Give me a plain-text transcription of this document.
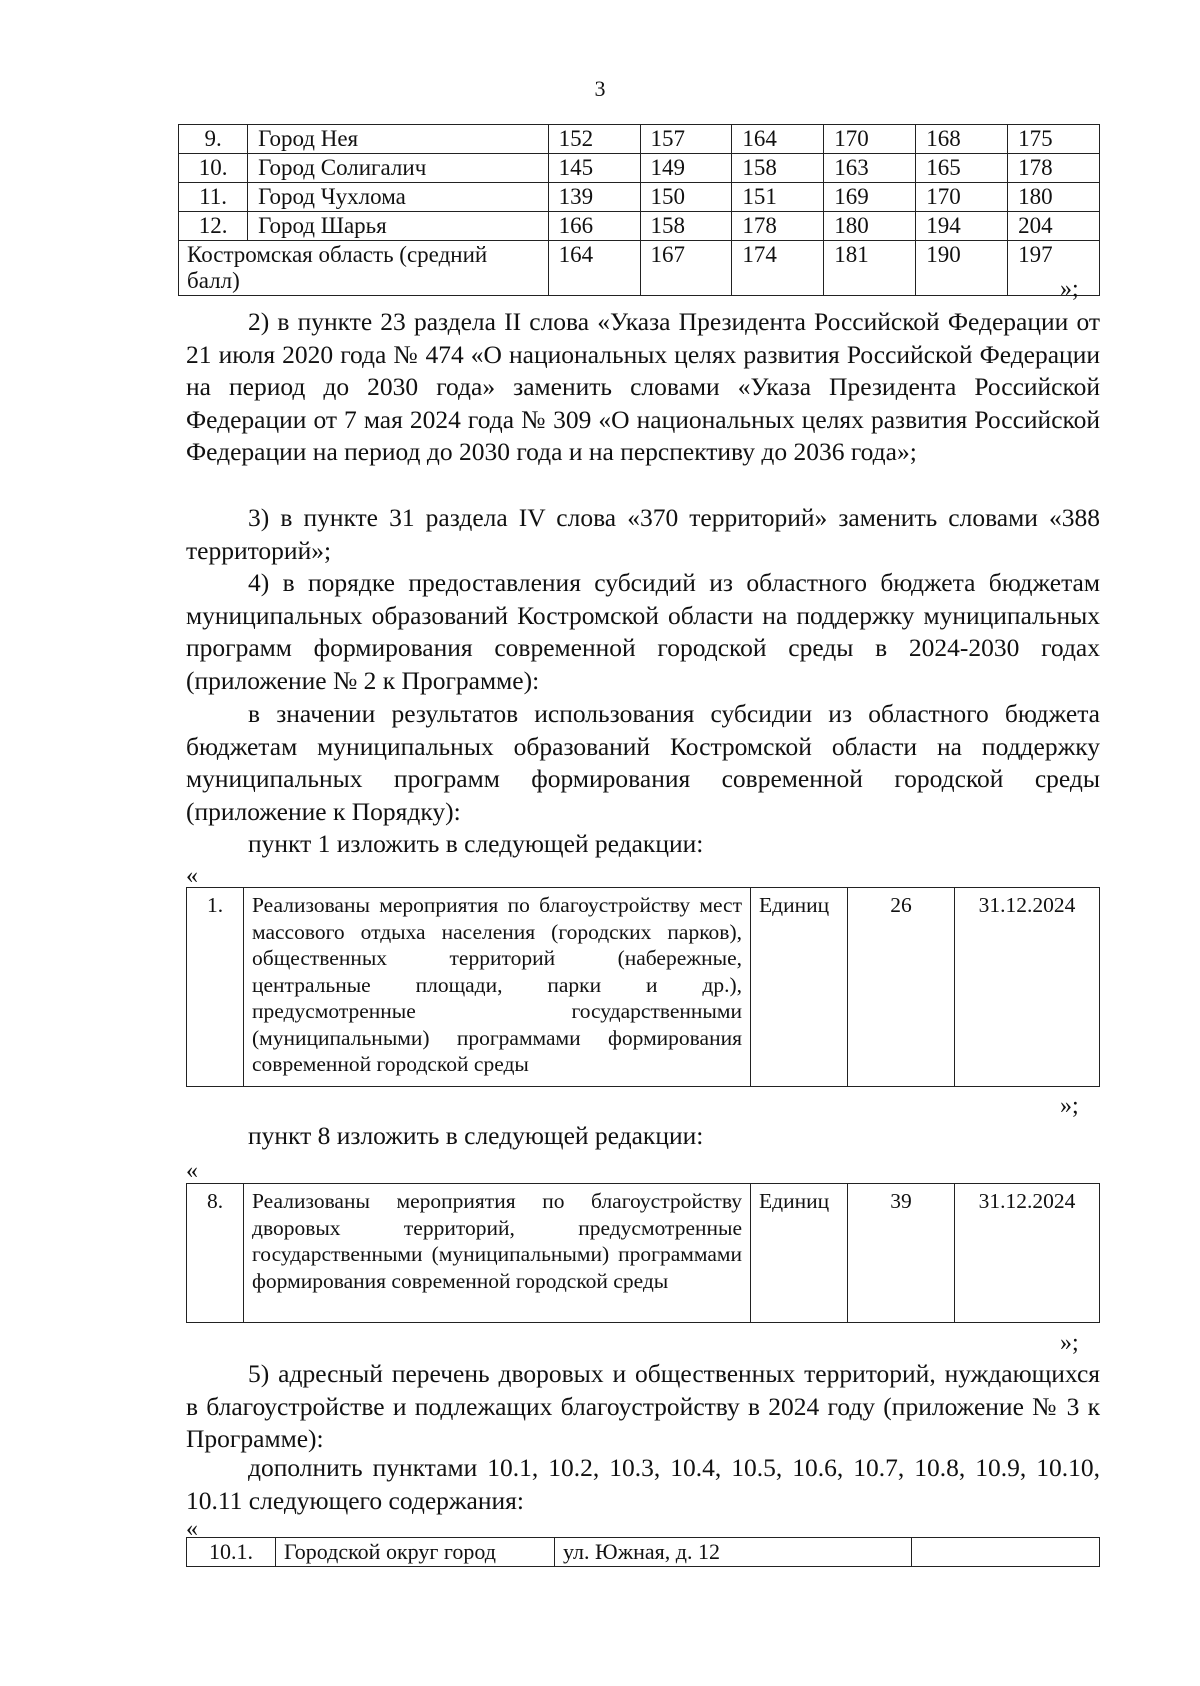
3
9.	Город Нея	152	157	164	170	168	175
10.	Город Солигалич	145	149	158	163	165	178
11.	Город Чухлома	139	150	151	169	170	180
12.	Город Шарья	166	158	178	180	194	204
Костромская область (средний балл)		164	167	174	181	190	197
»;

2) в пункте 23 раздела II слова «Указа Президента Российской Федерации от 21 июля 2020 года № 474 «О национальных целях развития Российской Федерации на период до 2030 года» заменить словами «Указа Президента Российской Федерации от 7 мая 2024 года № 309 «О национальных целях развития Российской Федерации на период до 2030 года и на перспективу до 2036 года»;

3) в пункте 31 раздела IV слова «370 территорий» заменить словами «388 территорий»;

4) в порядке предоставления субсидий из областного бюджета бюджетам муниципальных образований Костромской области на поддержку муниципальных программ формирования современной городской среды в 2024-2030 годах (приложение № 2 к Программе):

в значении результатов использования субсидии из областного бюджета бюджетам муниципальных образований Костромской области на поддержку муниципальных программ формирования современной городской среды (приложение к Порядку):

пункт 1 изложить в следующей редакции:

«
1.	Реализованы мероприятия по благоустройству мест массового отдыха населения (городских парков), общественных территорий (набережные, центральные площади, парки и др.), предусмотренные государственными (муниципальными) программами формирования современной городской среды	Единиц	26	31.12.2024
»;

пункт 8 изложить в следующей редакции:

«
8.	Реализованы мероприятия по благоустройству дворовых территорий, предусмотренные государственными (муниципальными) программами формирования современной городской среды	Единиц	39	31.12.2024
»;

5) адресный перечень дворовых и общественных территорий, нуждающихся в благоустройстве и подлежащих благоустройству в 2024 году (приложение № 3 к Программе):

дополнить пунктами 10.1, 10.2, 10.3, 10.4, 10.5, 10.6, 10.7, 10.8, 10.9, 10.10, 10.11 следующего содержания:

«
10.1.	Городской округ город	ул. Южная, д. 12	
